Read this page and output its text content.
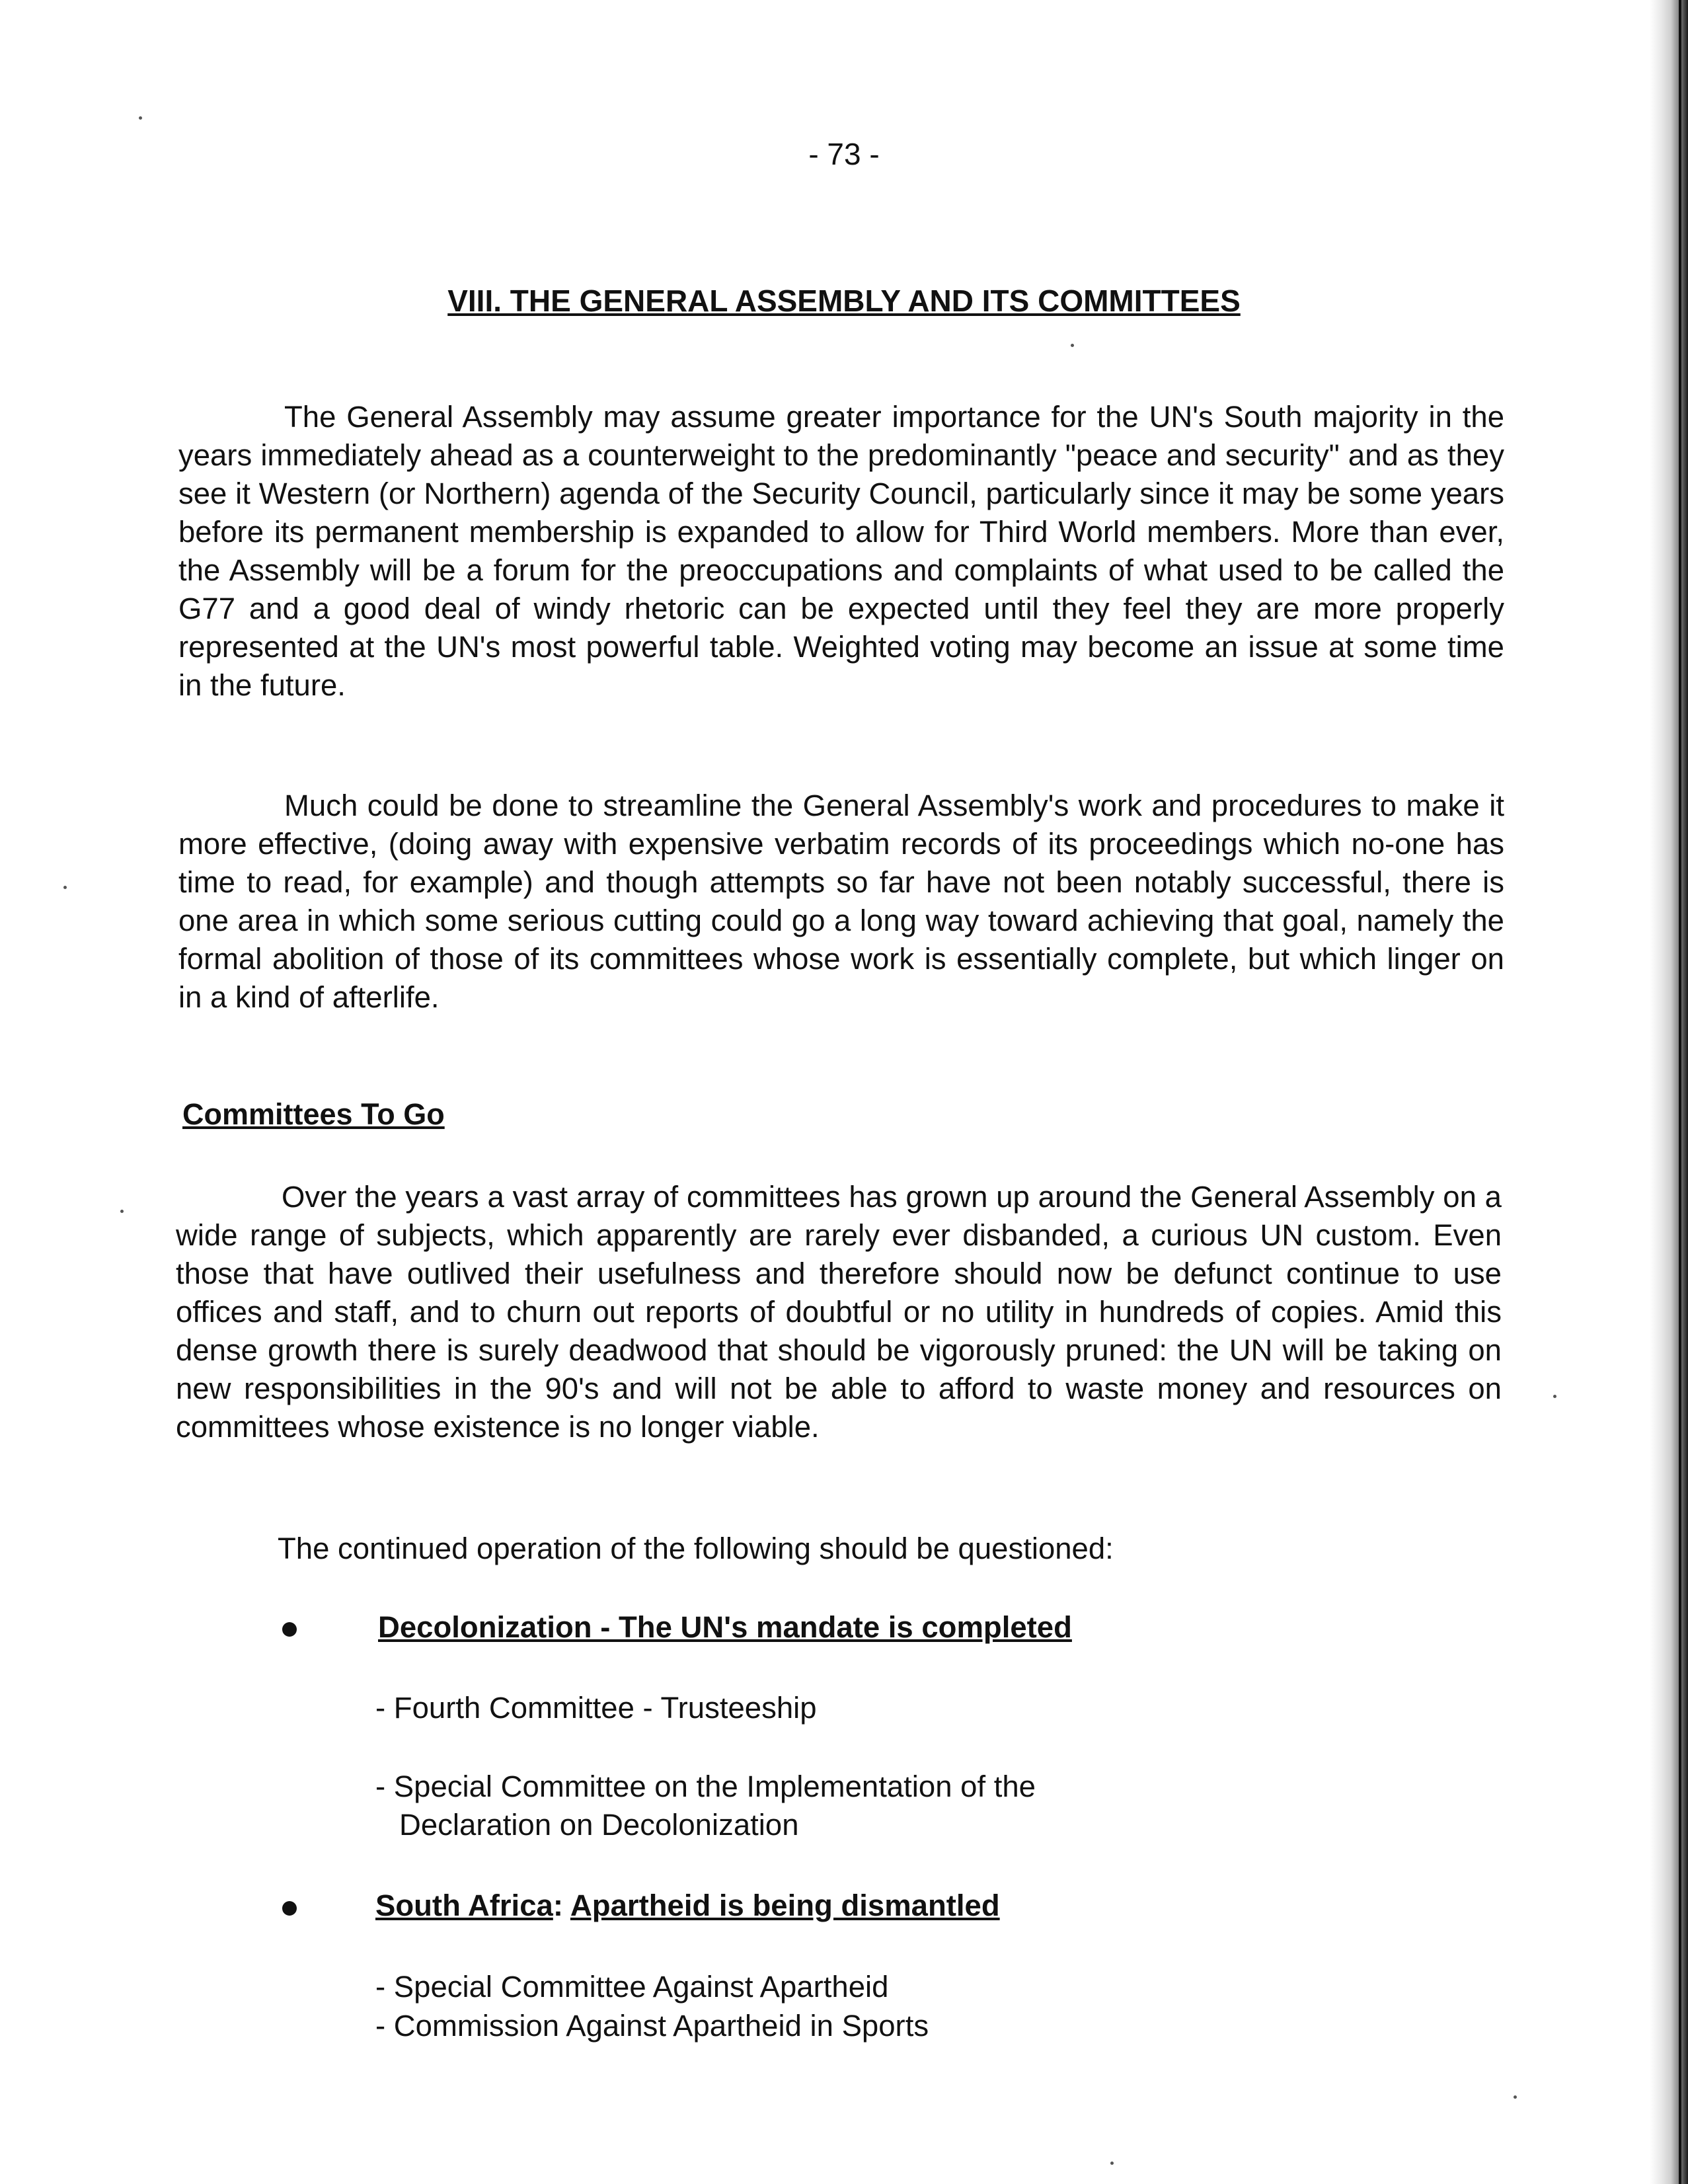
- 73 -
VIII. THE GENERAL ASSEMBLY AND ITS COMMITTEES

The General Assembly may assume greater importance for the UN's South majority in the years immediately ahead as a counterweight to the predominantly "peace and security" and as they see it Western (or Northern) agenda of the Security Council, particularly since it may be some years before its permanent membership is expanded to allow for Third World members. More than ever, the Assembly will be a forum for the preoccupations and complaints of what used to be called the G77 and a good deal of windy rhetoric can be expected until they feel they are more properly represented at the UN's most powerful table. Weighted voting may become an issue at some time in the future.

Much could be done to streamline the General Assembly's work and procedures to make it more effective, (doing away with expensive verbatim records of its proceedings which no-one has time to read, for example) and though attempts so far have not been notably successful, there is one area in which some serious cutting could go a long way toward achieving that goal, namely the formal abolition of those of its committees whose work is essentially complete, but which linger on in a kind of afterlife.

Committees To Go

Over the years a vast array of committees has grown up around the General Assembly on a wide range of subjects, which apparently are rarely ever disbanded, a curious UN custom. Even those that have outlived their usefulness and therefore should now be defunct continue to use offices and staff, and to churn out reports of doubtful or no utility in hundreds of copies. Amid this dense growth there is surely deadwood that should be vigorously pruned: the UN will be taking on new responsibilities in the 90's and will not be able to afford to waste money and resources on committees whose existence is no longer viable.

The continued operation of the following should be questioned:
Decolonization - The UN's mandate is completed
- Fourth Committee - Trusteeship
- Special Committee on the Implementation of the
Declaration on Decolonization
South Africa: Apartheid is being dismantled
- Special Committee Against Apartheid
- Commission Against Apartheid in Sports
